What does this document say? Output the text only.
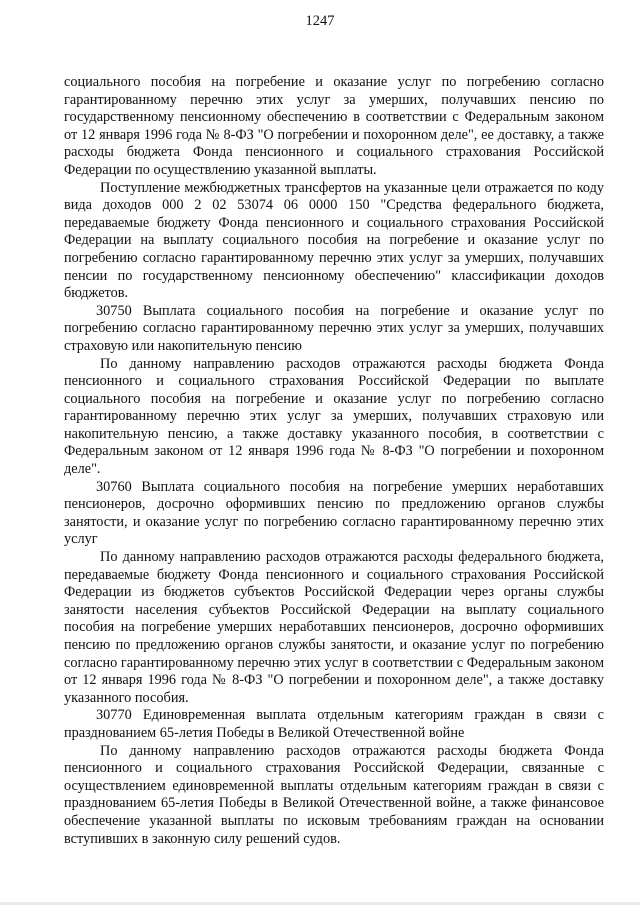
1247

социального пособия на погребение и оказание услуг по погребению согласно гарантированному перечню этих услуг за умерших, получавших пенсию по государственному пенсионному обеспечению в соответствии с Федеральным законом от 12 января 1996 года № 8-ФЗ "О погребении и похоронном деле", ее доставку, а также расходы бюджета Фонда пенсионного и социального страхования Российской Федерации по осуществлению указанной выплаты.

Поступление межбюджетных трансфертов на указанные цели отражается по коду вида доходов 000 2 02 53074 06 0000 150 "Средства федерального бюджета, передаваемые бюджету Фонда пенсионного и социального страхования Российской Федерации на выплату социального пособия на погребение и оказание услуг по погребению согласно гарантированному перечню этих услуг за умерших, получавших пенсии по государственному пенсионному обеспечению" классификации доходов бюджетов.

30750 Выплата социального пособия на погребение и оказание услуг по погребению согласно гарантированному перечню этих услуг за умерших, получавших страховую или накопительную пенсию

По данному направлению расходов отражаются расходы бюджета Фонда пенсионного и социального страхования Российской Федерации по выплате социального пособия на погребение и оказание услуг по погребению согласно гарантированному перечню этих услуг за умерших, получавших страховую или накопительную пенсию, а также доставку указанного пособия, в соответствии с Федеральным законом от 12 января 1996 года № 8-ФЗ "О погребении и похоронном деле".

30760 Выплата социального пособия на погребение умерших неработавших пенсионеров, досрочно оформивших пенсию по предложению органов службы занятости, и оказание услуг по погребению согласно гарантированному перечню этих услуг

По данному направлению расходов отражаются расходы федерального бюджета, передаваемые бюджету Фонда пенсионного и социального страхования Российской Федерации из бюджетов субъектов Российской Федерации через органы службы занятости населения субъектов Российской Федерации на выплату социального пособия на погребение умерших неработавших пенсионеров, досрочно оформивших пенсию по предложению органов службы занятости, и оказание услуг по погребению согласно гарантированному перечню этих услуг в соответствии с Федеральным законом от 12 января 1996 года № 8-ФЗ "О погребении и похоронном деле", а также доставку указанного пособия.

30770 Единовременная выплата отдельным категориям граждан в связи с празднованием 65-летия Победы в Великой Отечественной войне

По данному направлению расходов отражаются расходы бюджета Фонда пенсионного и социального страхования Российской Федерации, связанные с осуществлением единовременной выплаты отдельным категориям граждан в связи с празднованием 65-летия Победы в Великой Отечественной войне, а также финансовое обеспечение указанной выплаты по исковым требованиям граждан на основании вступивших в законную силу решений судов.
